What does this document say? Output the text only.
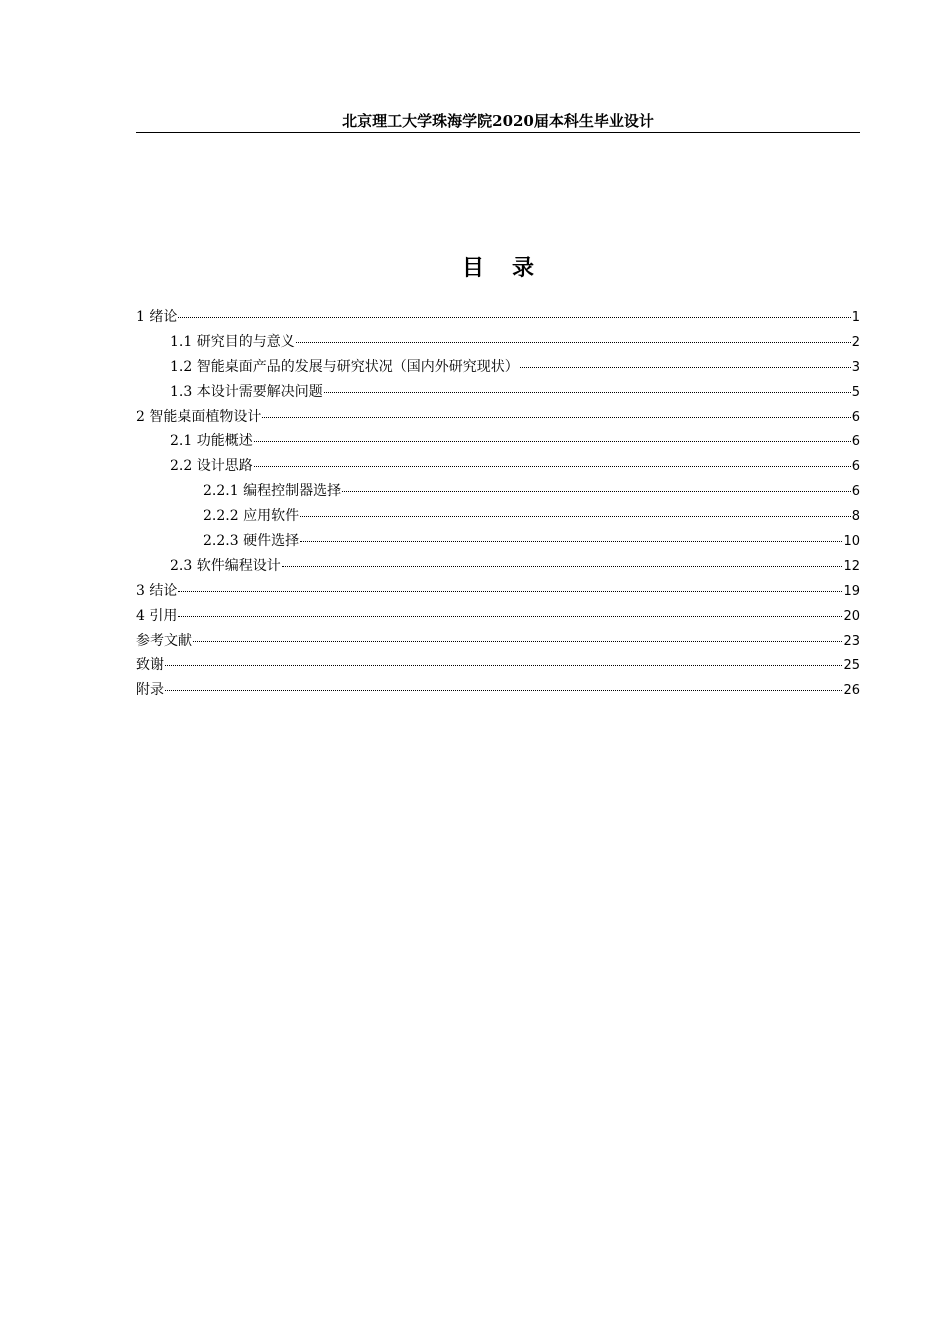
北京理工大学珠海学院2020届本科生毕业设计
目录
1 绪论	1
1.1 研究目的与意义	2
1.2 智能桌面产品的发展与研究状况（国内外研究现状）	3
1.3 本设计需要解决问题	5
2 智能桌面植物设计	6
2.1 功能概述	6
2.2 设计思路	6
2.2.1 编程控制器选择	6
2.2.2 应用软件	8
2.2.3 硬件选择	10
2.3 软件编程设计	12
3 结论	19
4 引用	20
参考文献	23
致谢	25
附录	26
